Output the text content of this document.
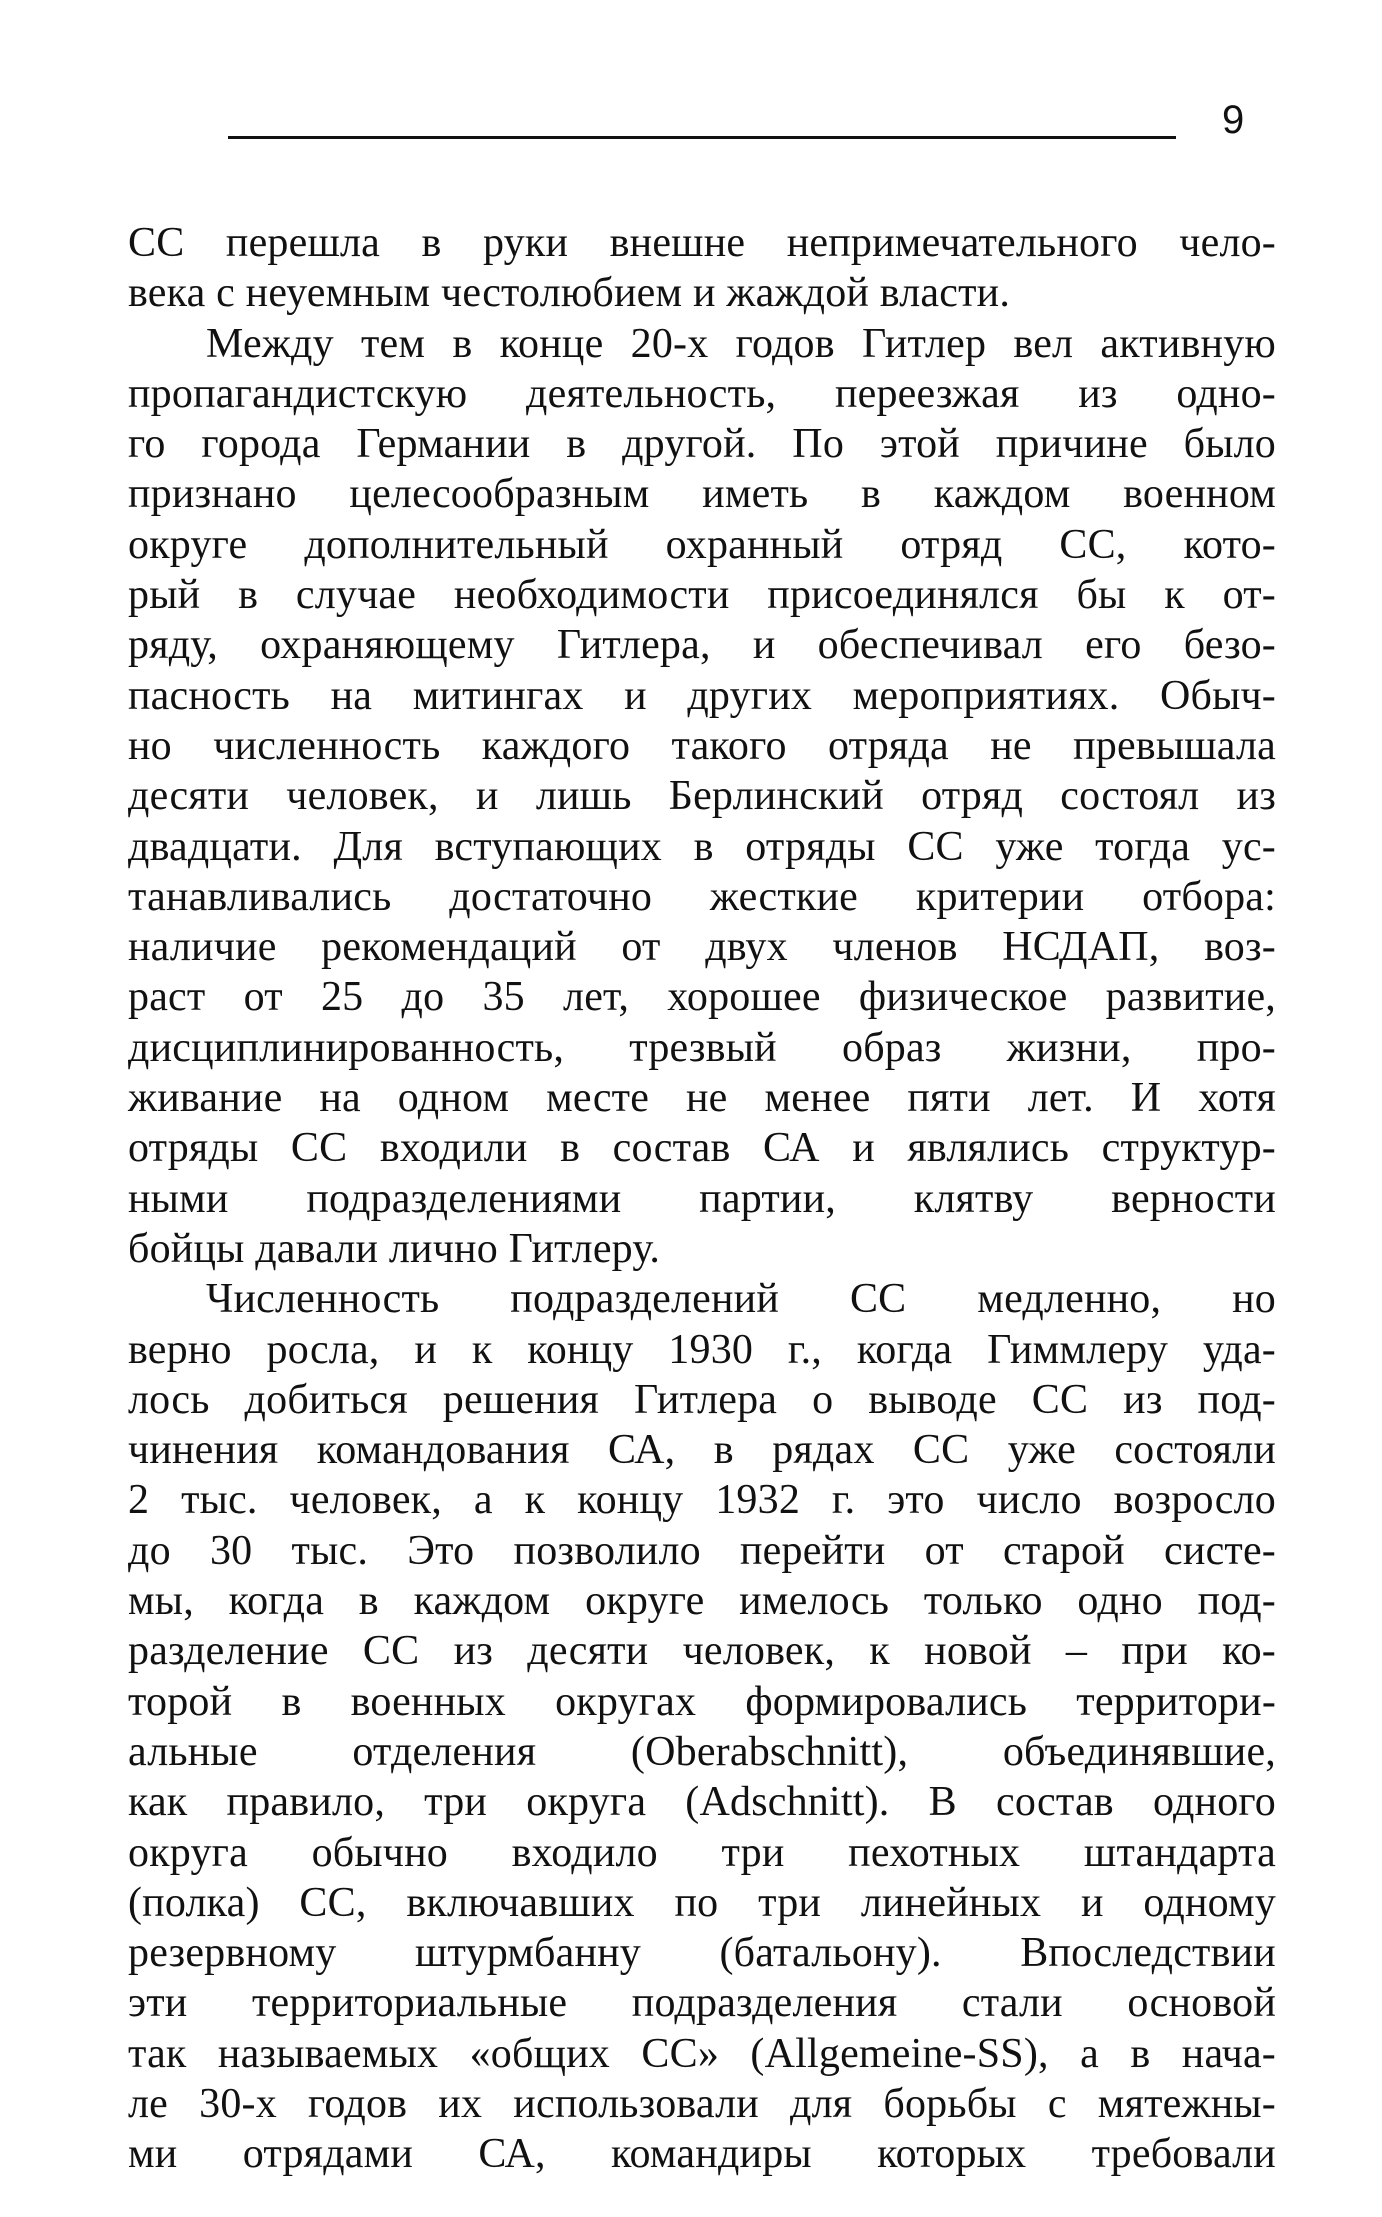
9
СС перешла в руки внешне непримечательного чело-
века с неуемным честолюбием и жаждой власти.
Между тем в конце 20-х годов Гитлер вел активную
пропагандистскую деятельность, переезжая из одно-
го города Германии в другой. По этой причине было
признано целесообразным иметь в каждом военном
округе дополнительный охранный отряд СС, кото-
рый в случае необходимости присоединялся бы к от-
ряду, охраняющему Гитлера, и обеспечивал его безо-
пасность на митингах и других мероприятиях. Обыч-
но численность каждого такого отряда не превышала
десяти человек, и лишь Берлинский отряд состоял из
двадцати. Для вступающих в отряды СС уже тогда ус-
танавливались достаточно жесткие критерии отбора:
наличие рекомендаций от двух членов НСДАП, воз-
раст от 25 до 35 лет, хорошее физическое развитие,
дисциплинированность, трезвый образ жизни, про-
живание на одном месте не менее пяти лет. И хотя
отряды СС входили в состав СА и являлись структур-
ными подразделениями партии, клятву верности
бойцы давали лично Гитлеру.
Численность подразделений СС медленно, но
верно росла, и к концу 1930 г., когда Гиммлеру уда-
лось добиться решения Гитлера о выводе СС из под-
чинения командования СА, в рядах СС уже состояли
2 тыс. человек, а к концу 1932 г. это число возросло
до 30 тыс. Это позволило перейти от старой систе-
мы, когда в каждом округе имелось только одно под-
разделение СС из десяти человек, к новой – при ко-
торой в военных округах формировались территори-
альные отделения (Oberabschnitt), объединявшие,
как правило, три округа (Adschnitt). В состав одного
округа обычно входило три пехотных штандарта
(полка) СС, включавших по три линейных и одному
резервному штурмбанну (батальону). Впоследствии
эти территориальные подразделения стали основой
так называемых «общих СС» (Allgemeine-SS), а в нача-
ле 30-х годов их использовали для борьбы с мятежны-
ми отрядами СА, командиры которых требовали
